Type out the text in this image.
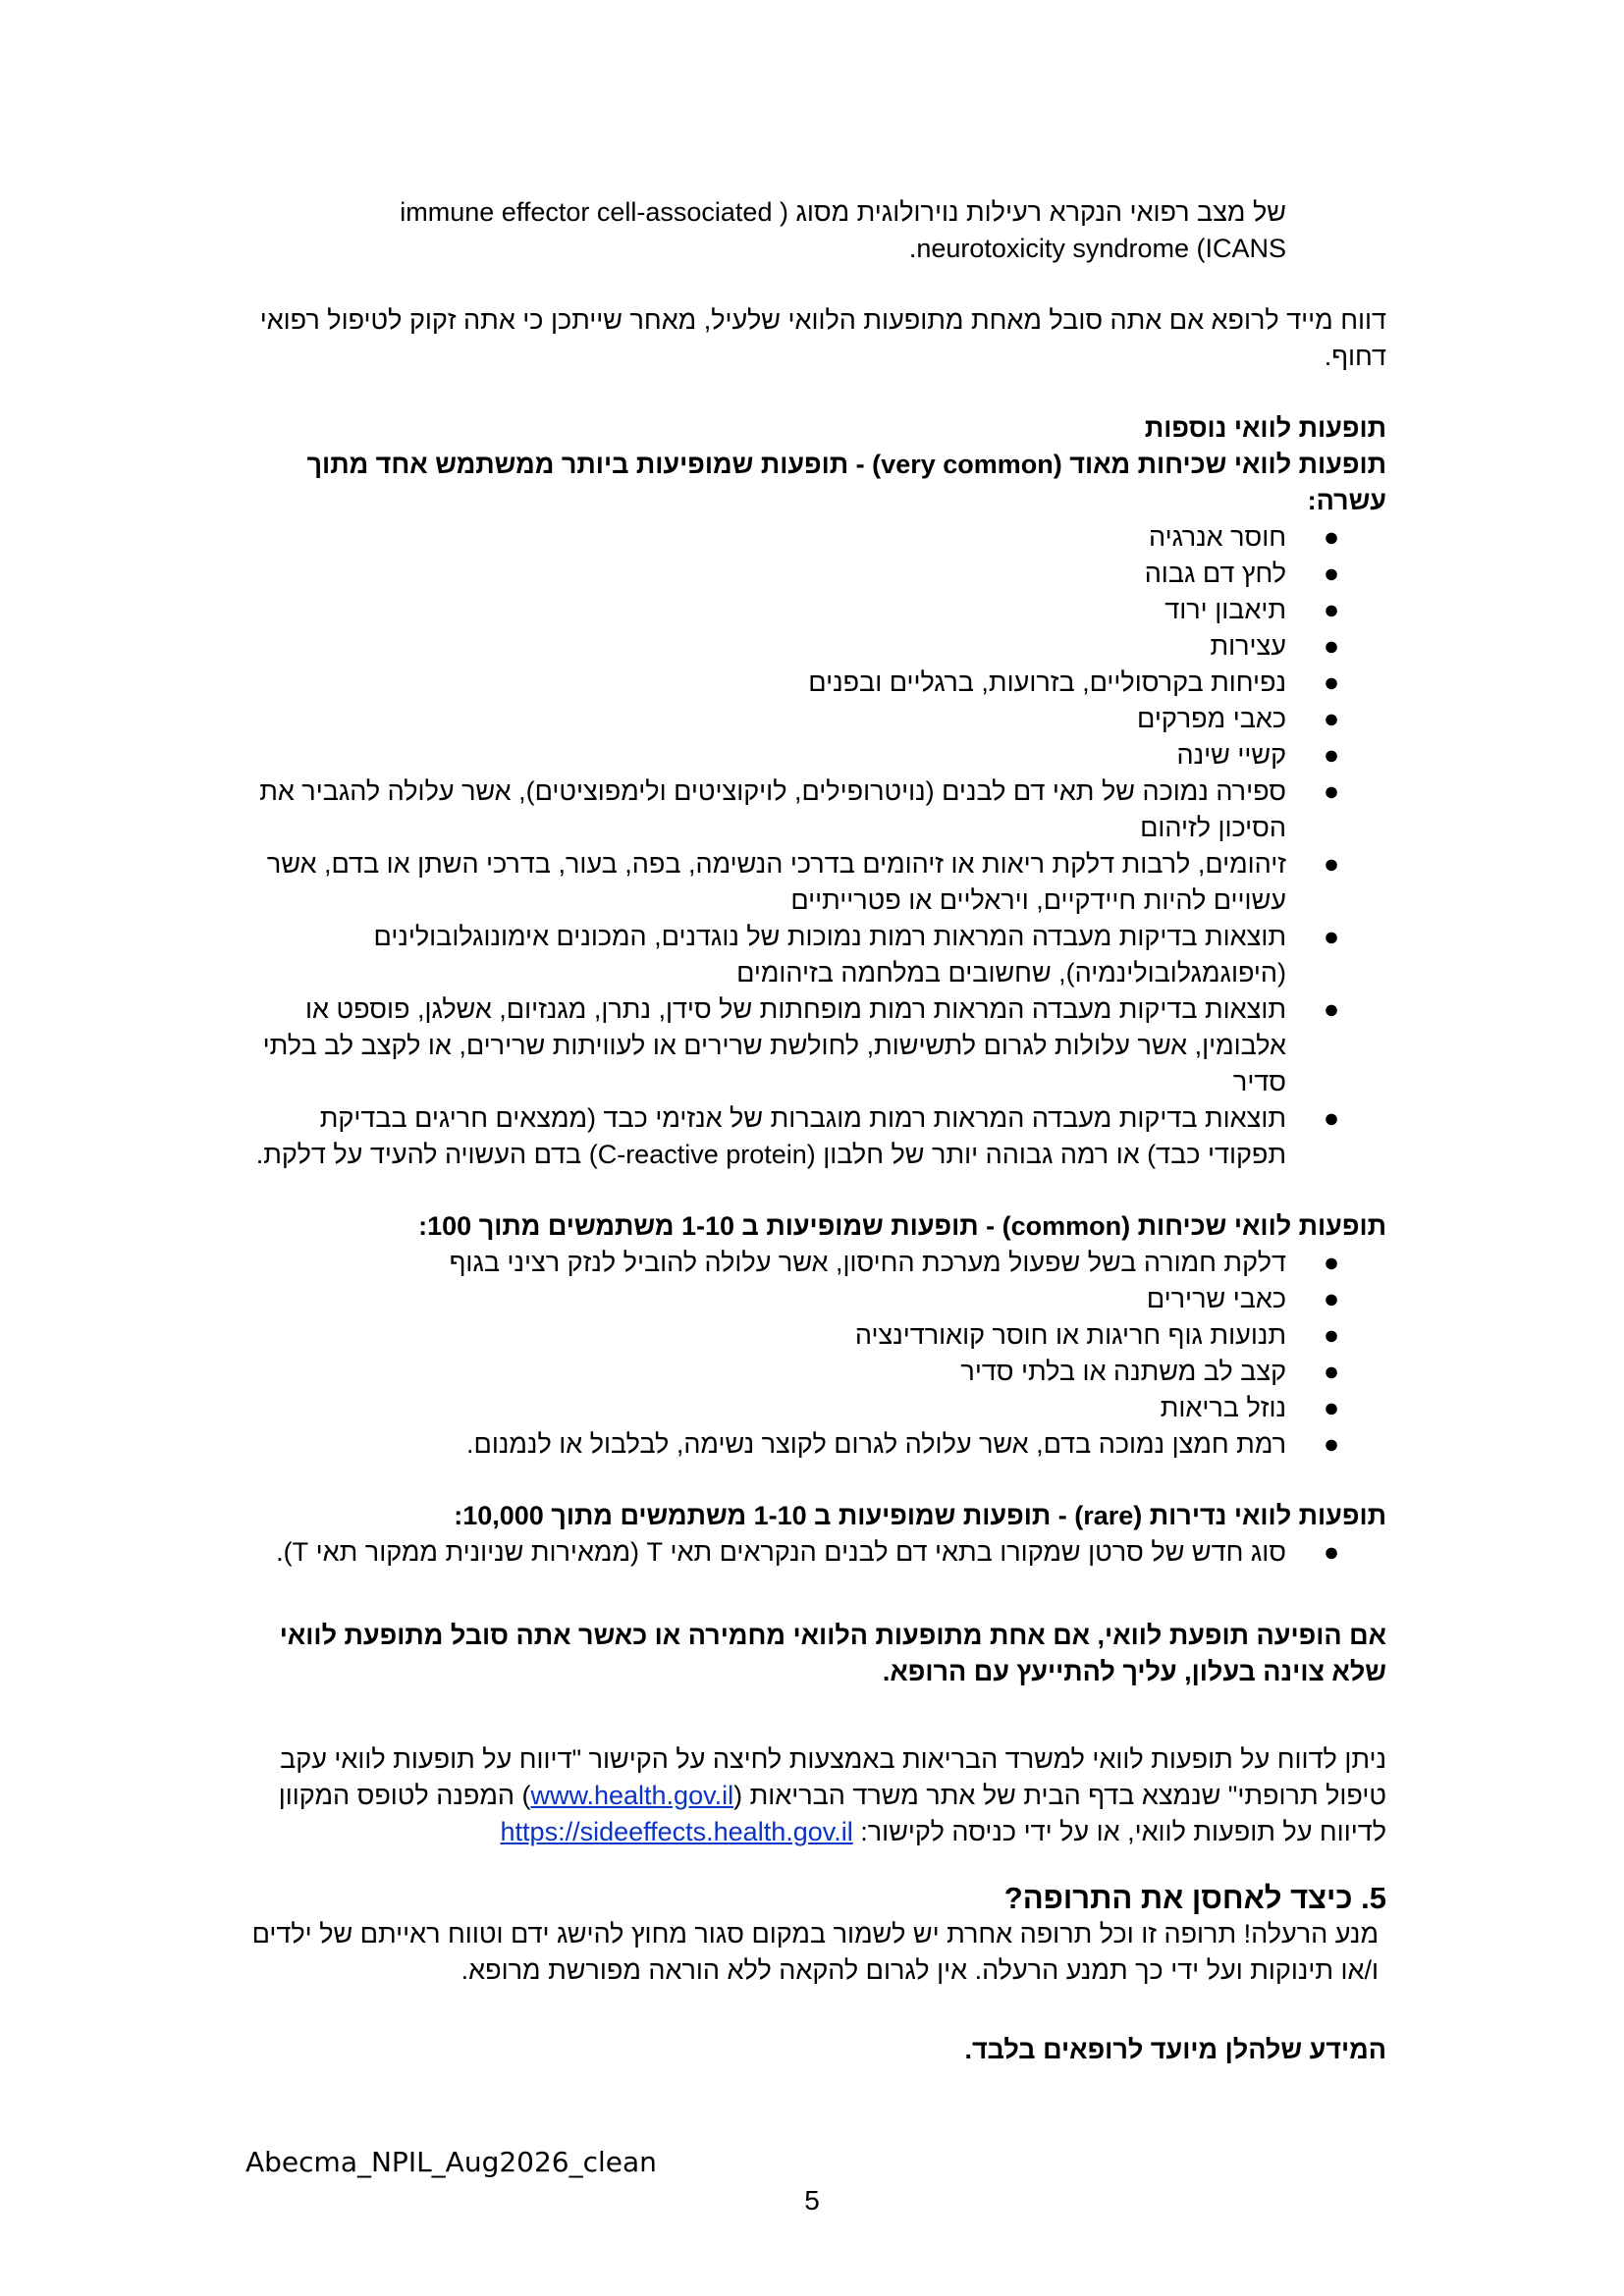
של מצב רפואי הנקרא רעילות נוירולוגית מסוג ( immune effector cell-associated

neurotoxicity syndrome (ICANS.

דווח מייד לרופא אם אתה סובל מאחת מתופעות הלוואי שלעיל, מאחר שייתכן כי אתה זקוק לטיפול רפואי דחוף.

תופעות לוואי נוספות

תופעות לוואי שכיחות מאוד (very common) - תופעות שמופיעות ביותר ממשתמש אחד מתוך עשרה:

●
חוסר אנרגיה
●
לחץ דם גבוה
●
תיאבון ירוד
●
עצירות
●
נפיחות בקרסוליים, בזרועות, ברגליים ובפנים
●
כאבי מפרקים
●
קשיי שינה
●
ספירה נמוכה של תאי דם לבנים (נויטרופילים, לויקוציטים ולימפוציטים), אשר עלולה להגביר את הסיכון לזיהום
●
זיהומים, לרבות דלקת ריאות או זיהומים בדרכי הנשימה, בפה, בעור, בדרכי השתן או בדם, אשר עשויים להיות חיידקיים, ויראליים או פטרייתיים
●
תוצאות בדיקות מעבדה המראות רמות נמוכות של נוגדנים, המכונים אימונוגלובולינים (היפוגמגלובולינמיה), שחשובים במלחמה בזיהומים
●
תוצאות בדיקות מעבדה המראות רמות מופחתות של סידן, נתרן, מגנזיום, אשלגן, פוספט או אלבומין, אשר עלולות לגרום לתשישות, לחולשת שרירים או לעוויתות שרירים, או לקצב לב בלתי סדיר
●
תוצאות בדיקות מעבדה המראות רמות מוגברות של אנזימי כבד (ממצאים חריגים בבדיקת תפקודי כבד) או רמה גבוהה יותר של חלבון (C-reactive protein) בדם העשויה להעיד על דלקת.

תופעות לוואי שכיחות (common) - תופעות שמופיעות ב 1-10 משתמשים מתוך 100:

●
דלקת חמורה בשל שפעול מערכת החיסון, אשר עלולה להוביל לנזק רציני בגוף
●
כאבי שרירים
●
תנועות גוף חריגות או חוסר קואורדינציה
●
קצב לב משתנה או בלתי סדיר
●
נוזל בריאות
●
רמת חמצן נמוכה בדם, אשר עלולה לגרום לקוצר נשימה, לבלבול או לנמנום.

תופעות לוואי נדירות (rare) - תופעות שמופיעות ב 1-10 משתמשים מתוך 10,000:

●
סוג חדש של סרטן שמקורו בתאי דם לבנים הנקראים תאי T (ממאירות שניונית ממקור תאי T).

אם הופיעה תופעת לוואי, אם אחת מתופעות הלוואי מחמירה או כאשר אתה סובל מתופעת לוואי שלא צוינה בעלון, עליך להתייעץ עם הרופא.

ניתן לדווח על תופעות לוואי למשרד הבריאות באמצעות לחיצה על הקישור "דיווח על תופעות לוואי עקב טיפול תרופתי" שנמצא בדף הבית של אתר משרד הבריאות (www.health.gov.il) המפנה לטופס המקוון לדיווח על תופעות לוואי, או על ידי כניסה לקישור: https://sideeffects.health.gov.il

5. כיצד לאחסן את התרופה?

מנע הרעלה! תרופה זו וכל תרופה אחרת יש לשמור במקום סגור מחוץ להישג ידם וטווח ראייתם של ילדים ו/או תינוקות ועל ידי כך תמנע הרעלה. אין לגרום להקאה ללא הוראה מפורשת מרופא.

המידע שלהלן מיועד לרופאים בלבד.

Abecma_NPIL_Aug2026_clean
5
